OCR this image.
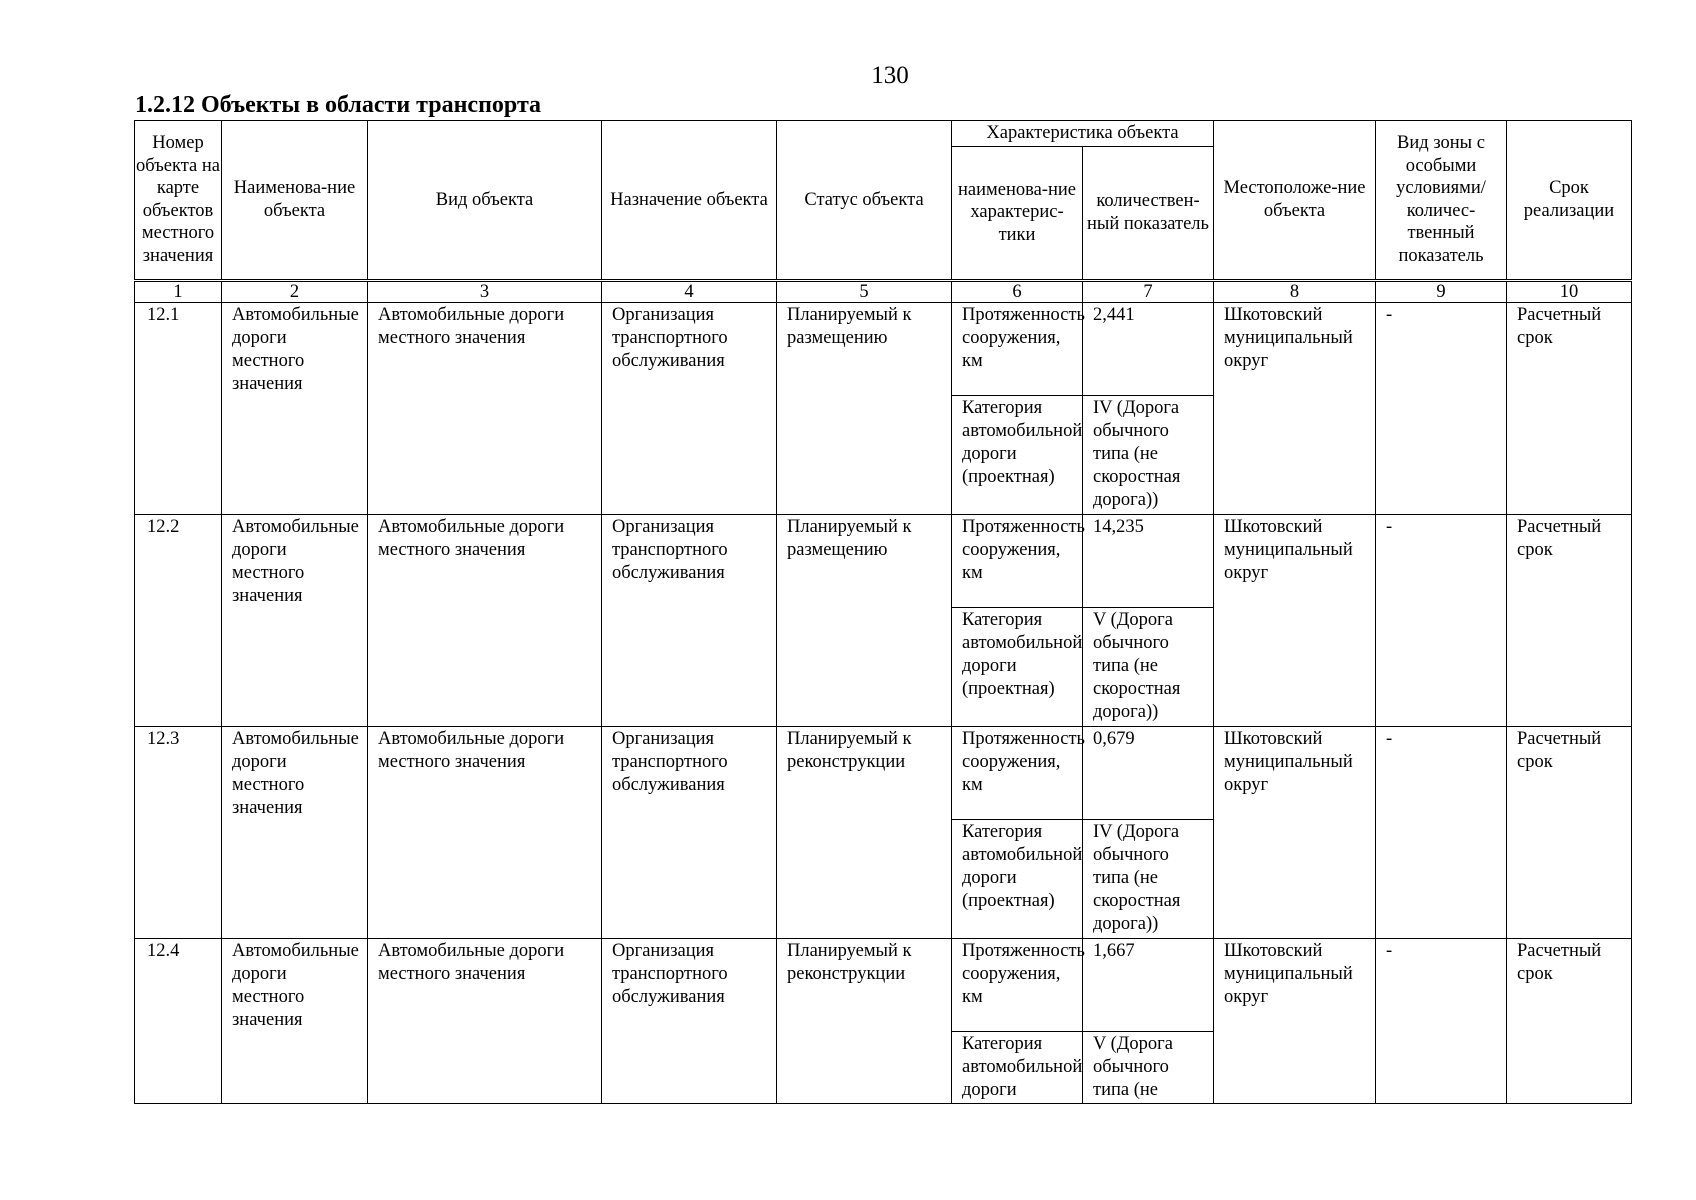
130
1.2.12 Объекты в области транспорта
Номер объекта на карте объектов местного значения	Наименова-ние объекта	Вид объекта	Назначение объекта	Статус объекта	Характеристика объекта		Местоположе-ние объекта	Вид зоны с особыми условиями/ количес-твенный показатель	Срок реализации
					наименова-ние характерис-тики	количествен-ный показатель			
1	2	3	4	5	6	7	8	9	10
12.1	Автомобильные дороги местного значения	Автомобильные дороги местного значения	Организация транспортного обслуживания	Планируемый к размещению	Протяженность сооружения, км	2,441	Шкотовский муниципальный округ	-	Расчетный срок
					Категория автомобильной дороги (проектная)	IV (Дорога обычного типа (не скоростная дорога))			
12.2	Автомобильные дороги местного значения	Автомобильные дороги местного значения	Организация транспортного обслуживания	Планируемый к размещению	Протяженность сооружения, км	14,235	Шкотовский муниципальный округ	-	Расчетный срок
					Категория автомобильной дороги (проектная)	V (Дорога обычного типа (не скоростная дорога))			
12.3	Автомобильные дороги местного значения	Автомобильные дороги местного значения	Организация транспортного обслуживания	Планируемый к реконструкции	Протяженность сооружения, км	0,679	Шкотовский муниципальный округ	-	Расчетный срок
					Категория автомобильной дороги (проектная)	IV (Дорога обычного типа (не скоростная дорога))			
12.4	Автомобильные дороги местного значения	Автомобильные дороги местного значения	Организация транспортного обслуживания	Планируемый к реконструкции	Протяженность сооружения, км	1,667	Шкотовский муниципальный округ	-	Расчетный срок
					Категория автомобильной дороги	V (Дорога обычного типа (не			
